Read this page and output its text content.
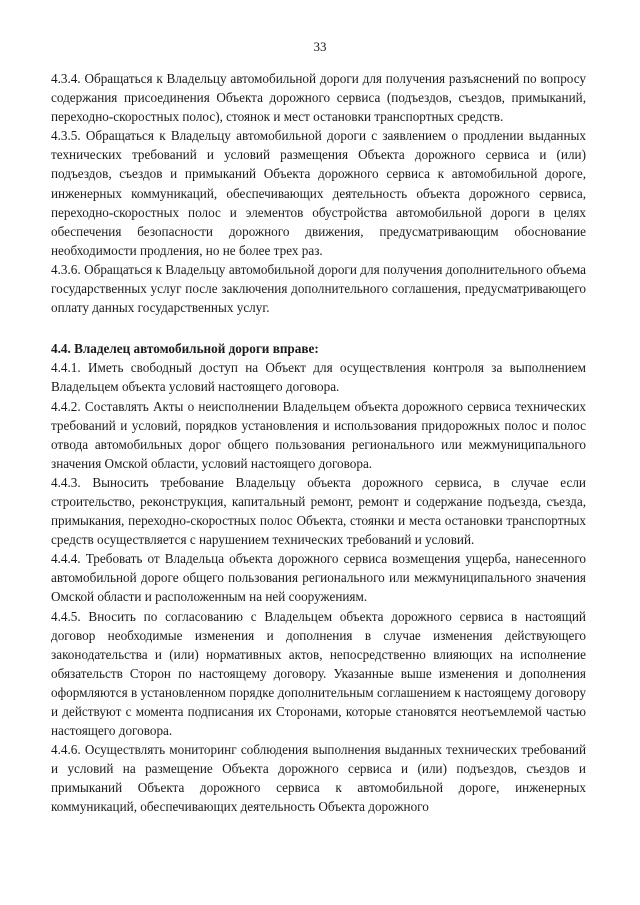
33

4.3.4. Обращаться к Владельцу автомобильной дороги для получения разъяснений по вопросу содержания присоединения Объекта дорожного сервиса (подъездов, съездов, примыканий, переходно-скоростных полос), стоянок и мест остановки транспортных средств.

4.3.5. Обращаться к Владельцу автомобильной дороги с заявлением о продлении выданных технических требований и условий размещения Объекта дорожного сервиса и (или) подъездов, съездов и примыканий Объекта дорожного сервиса к автомобильной дороге, инженерных коммуникаций, обеспечивающих деятельность объекта дорожного сервиса, переходно-скоростных полос и элементов обустройства автомобильной дороги в целях обеспечения безопасности дорожного движения, предусматривающим обоснование необходимости продления, но не более трех раз.

4.3.6. Обращаться к Владельцу автомобильной дороги для получения дополнительного объема государственных услуг после заключения дополнительного соглашения, предусматривающего оплату данных государственных услуг.

4.4. Владелец автомобильной дороги вправе:

4.4.1. Иметь свободный доступ на Объект для осуществления контроля за выполнением Владельцем объекта условий настоящего договора.

4.4.2. Составлять Акты о неисполнении Владельцем объекта дорожного сервиса технических требований и условий, порядков установления и использования придорожных полос и полос отвода автомобильных дорог общего пользования регионального или межмуниципального значения Омской области, условий настоящего договора.

4.4.3. Выносить требование Владельцу объекта дорожного сервиса, в случае если строительство, реконструкция, капитальный ремонт, ремонт и содержание подъезда, съезда, примыкания, переходно-скоростных полос Объекта, стоянки и места остановки транспортных средств осуществляется с нарушением технических требований и условий.

4.4.4. Требовать от Владельца объекта дорожного сервиса возмещения ущерба, нанесенного автомобильной дороге общего пользования регионального или межмуниципального значения Омской области и расположенным на ней сооружениям.

4.4.5. Вносить по согласованию с Владельцем объекта дорожного сервиса в настоящий договор необходимые изменения и дополнения в случае изменения действующего законодательства и (или) нормативных актов, непосредственно влияющих на исполнение обязательств Сторон по настоящему договору. Указанные выше изменения и дополнения оформляются в установленном порядке дополнительным соглашением к настоящему договору и действуют с момента подписания их Сторонами, которые становятся неотъемлемой частью настоящего договора.

4.4.6. Осуществлять мониторинг соблюдения выполнения выданных технических требований и условий на размещение Объекта дорожного сервиса и (или) подъездов, съездов и примыканий Объекта дорожного сервиса к автомобильной дороге, инженерных коммуникаций, обеспечивающих деятельность Объекта дорожного
